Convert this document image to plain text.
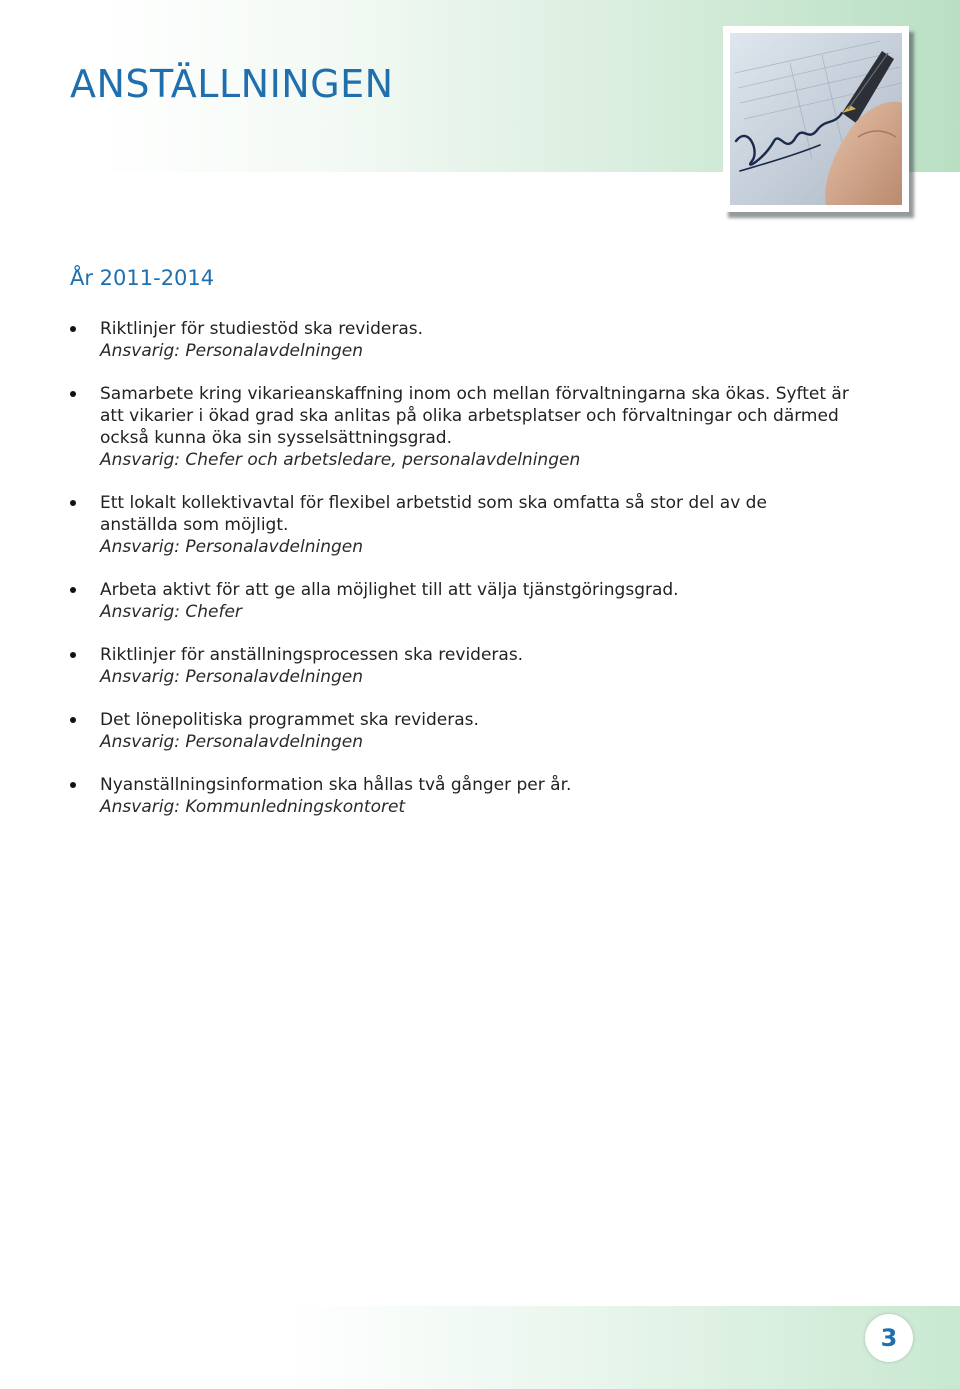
ANSTÄLLNINGEN
År 2011-2014
Riktlinjer för studiestöd ska revideras.
Ansvarig: Personalavdelningen
Samarbete kring vikarieanskaffning inom och mellan förvaltningarna ska ökas. Syftet är att vikarier i ökad grad ska anlitas på olika arbetsplatser och förvaltningar och därmed också kunna öka sin sysselsättningsgrad.
Ansvarig: Chefer och arbetsledare, personalavdelningen
Ett lokalt kollektivavtal för flexibel arbetstid som ska omfatta så stor del av de anställda som möjligt.
Ansvarig: Personalavdelningen
Arbeta aktivt för att ge alla möjlighet till att välja tjänstgöringsgrad.
Ansvarig: Chefer
Riktlinjer för anställningsprocessen ska revideras.
Ansvarig: Personalavdelningen
Det lönepolitiska programmet ska revideras.
Ansvarig: Personalavdelningen
Nyanställningsinformation ska hållas två gånger per år.
Ansvarig: Kommunledningskontoret
3
